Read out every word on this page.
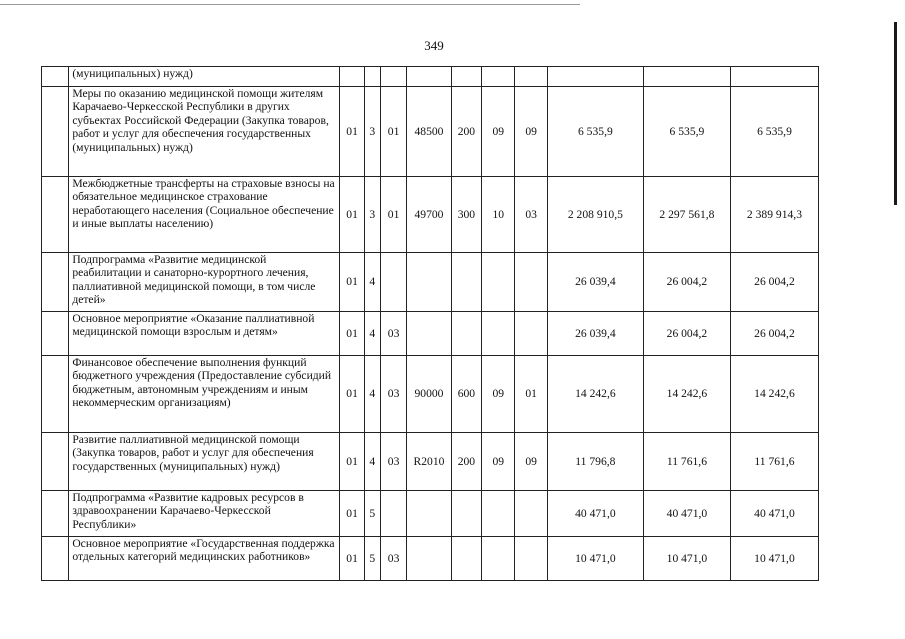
349
	(муниципальных) нужд)										
	Меры по оказанию медицинской помощи жителям Карачаево-Черкесской Республики в других субъектах Российской Федерации (Закупка товаров, работ и услуг для обеспечения государственных (муниципальных) нужд)	01	3	01	48500	200	09	09	6 535,9	6 535,9	6 535,9
	Межбюджетные трансферты на страховые взносы на обязательное медицинское страхование неработающего населения (Социальное обеспечение и иные выплаты населению)	01	3	01	49700	300	10	03	2 208 910,5	2 297 561,8	2 389 914,3
	Подпрограмма «Развитие медицинской реабилитации и санаторно-курортного лечения, паллиативной медицинской помощи, в том числе детей»	01	4						26 039,4	26 004,2	26 004,2
	Основное мероприятие «Оказание паллиативной медицинской помощи взрослым и детям»	01	4	03					26 039,4	26 004,2	26 004,2
	Финансовое обеспечение выполнения функций бюджетного учреждения (Предоставление субсидий бюджетным, автономным учреждениям и иным некоммерческим организациям)	01	4	03	90000	600	09	01	14 242,6	14 242,6	14 242,6
	Развитие паллиативной медицинской помощи (Закупка товаров, работ и услуг для обеспечения государственных (муниципальных) нужд)	01	4	03	R2010	200	09	09	11 796,8	11 761,6	11 761,6
	Подпрограмма «Развитие кадровых ресурсов в здравоохранении Карачаево-Черкесской Республики»	01	5						40 471,0	40 471,0	40 471,0
	Основное мероприятие «Государственная поддержка отдельных категорий медицинских работников»	01	5	03					10 471,0	10 471,0	10 471,0
